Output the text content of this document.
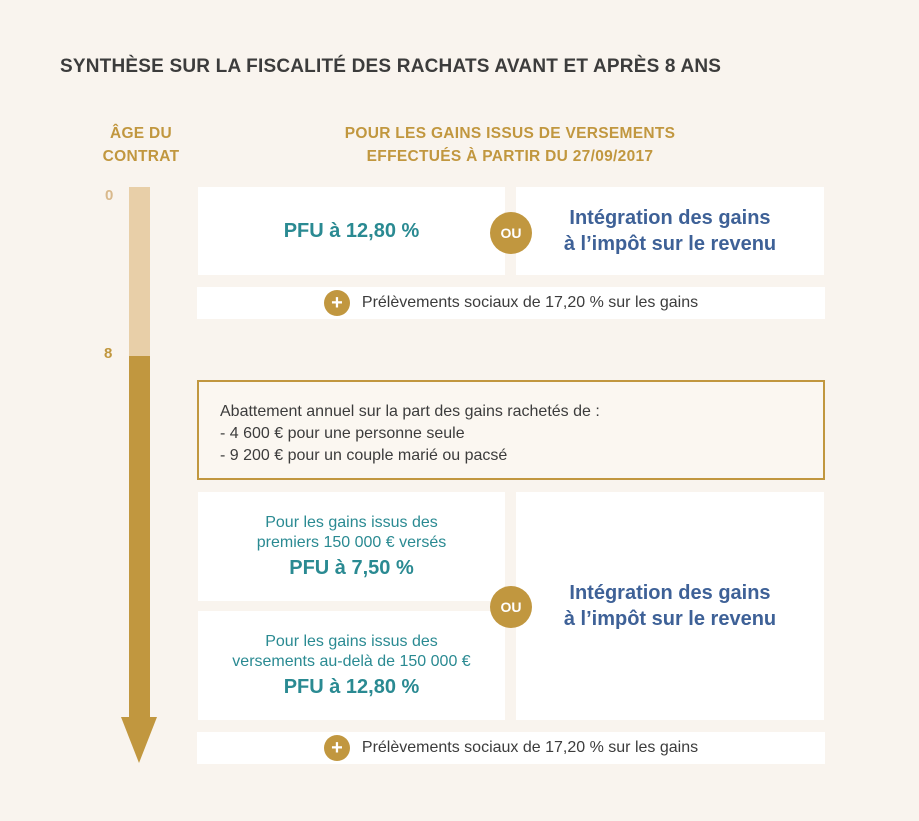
SYNTHÈSE SUR LA FISCALITÉ DES RACHATS AVANT ET APRÈS 8 ANS
ÂGE DU
CONTRAT
POUR LES GAINS ISSUS DE VERSEMENTS
EFFECTUÉS À PARTIR DU 27/09/2017
0
8
PFU à 12,80 %
Intégration des gains
à l’impôt sur le revenu
OU
+	Prélèvements sociaux de 17,20 % sur les gains
Abattement annuel sur la part des gains rachetés de :
- 4 600 € pour une personne seule
- 9 200 € pour un couple marié ou pacsé
Pour les gains issus des
premiers 150 000 € versés
PFU à 7,50 %
Pour les gains issus des
versements au-delà de 150 000 €
PFU à 12,80 %
Intégration des gains
à l’impôt sur le revenu
OU
+	Prélèvements sociaux de 17,20 % sur les gains
